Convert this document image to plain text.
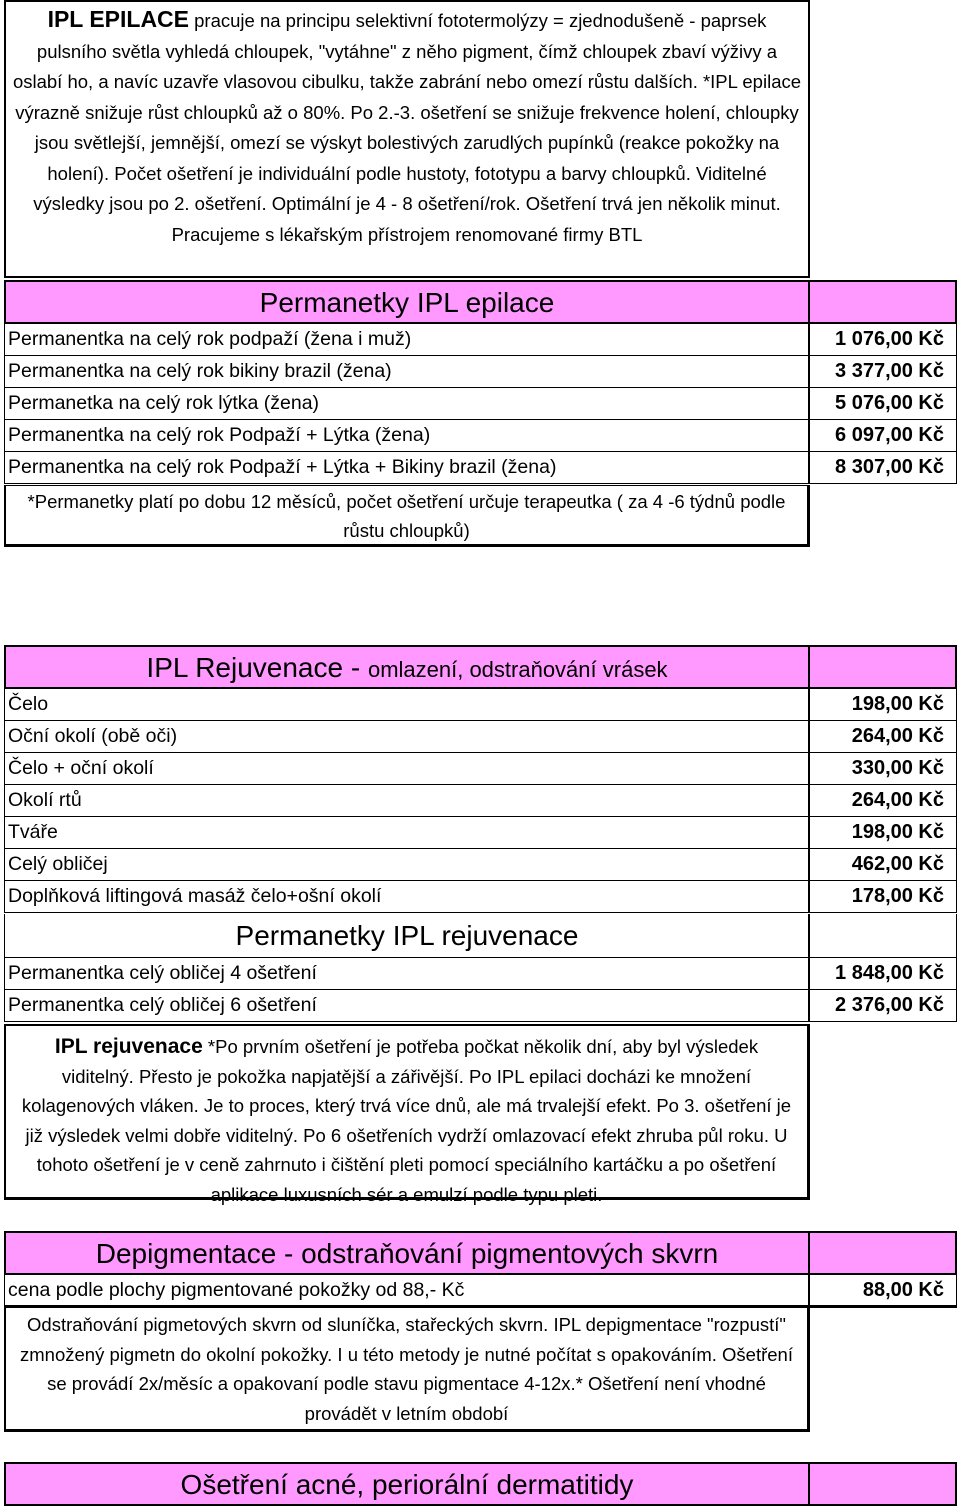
IPL EPILACE pracuje na principu selektivní fototermolýzy = zjednodušeně - paprsek pulsního světla vyhledá chloupek, "vytáhne" z něho pigment, čímž chloupek zbaví výživy a oslabí ho, a navíc uzavře vlasovou cibulku, takže zabrání nebo omezí růstu dalších. *IPL epilace výrazně snižuje růst chloupků až o 80%. Po 2.-3. ošetření se snižuje frekvence holení, chloupky jsou světlejší, jemnější, omezí se výskyt bolestivých zarudlých pupínků (reakce pokožky na holení). Počet ošetření je individuální podle hustoty, fototypu a barvy chloupků. Viditelné výsledky jsou po 2. ošetření. Optimální je 4 - 8 ošetření/rok. Ošetření trvá jen několik minut. Pracujeme s lékařským přístrojem renomované firmy BTL
Permanetky IPL epilace
Permanentka na celý rok podpaží (žena i muž)	1 076,00 Kč
Permanentka na celý rok bikiny brazil (žena)	3 377,00 Kč
Permanetka na celý rok lýtka (žena)	5 076,00 Kč
Permanentka na celý rok Podpaží + Lýtka (žena)	6 097,00 Kč
Permanentka na celý rok Podpaží + Lýtka + Bikiny brazil (žena)	8 307,00 Kč
*Permanetky platí po dobu 12 měsíců, počet ošetření určuje terapeutka ( za 4 -6 týdnů podle růstu chloupků)
IPL Rejuvenace - omlazení, odstraňování vrásek
Čelo	198,00 Kč
Oční okolí (obě oči)	264,00 Kč
Čelo + oční okolí	330,00 Kč
Okolí rtů	264,00 Kč
Tváře	198,00 Kč
Celý obličej	462,00 Kč
Doplňková liftingová masáž čelo+ošní okolí	178,00 Kč
Permanetky IPL rejuvenace
Permanentka celý obličej 4 ošetření	1 848,00 Kč
Permanentka celý obličej 6 ošetření	2 376,00 Kč
IPL rejuvenace *Po prvním ošetření je potřeba počkat několik dní, aby byl výsledek viditelný. Přesto je pokožka napjatější a zářivější. Po IPL epilaci docházi ke množení kolagenových vláken. Je to proces, který trvá více dnů, ale má trvalejší efekt. Po 3. ošetření je již výsledek velmi dobře viditelný. Po 6 ošetřeních vydrží omlazovací efekt zhruba půl roku. U tohoto ošetření je v ceně zahrnuto i čištění pleti pomocí speciálního kartáčku a po ošetření aplikace luxusních sér a emulzí podle typu pleti.
Depigmentace - odstraňování pigmentových skvrn
cena podle plochy pigmentované pokožky od 88,- Kč	88,00 Kč
Odstraňování pigmetových skvrn od sluníčka, stařeckých skvrn. IPL depigmentace "rozpustí" zmnožený pigmetn do okolní pokožky. I u této metody je nutné počítat s opakováním. Ošetření se provádí 2x/měsíc a opakovaní podle stavu pigmentace 4-12x.* Ošetření není vhodné provádět v letním období
Ošetření acné, periorální dermatitidy
